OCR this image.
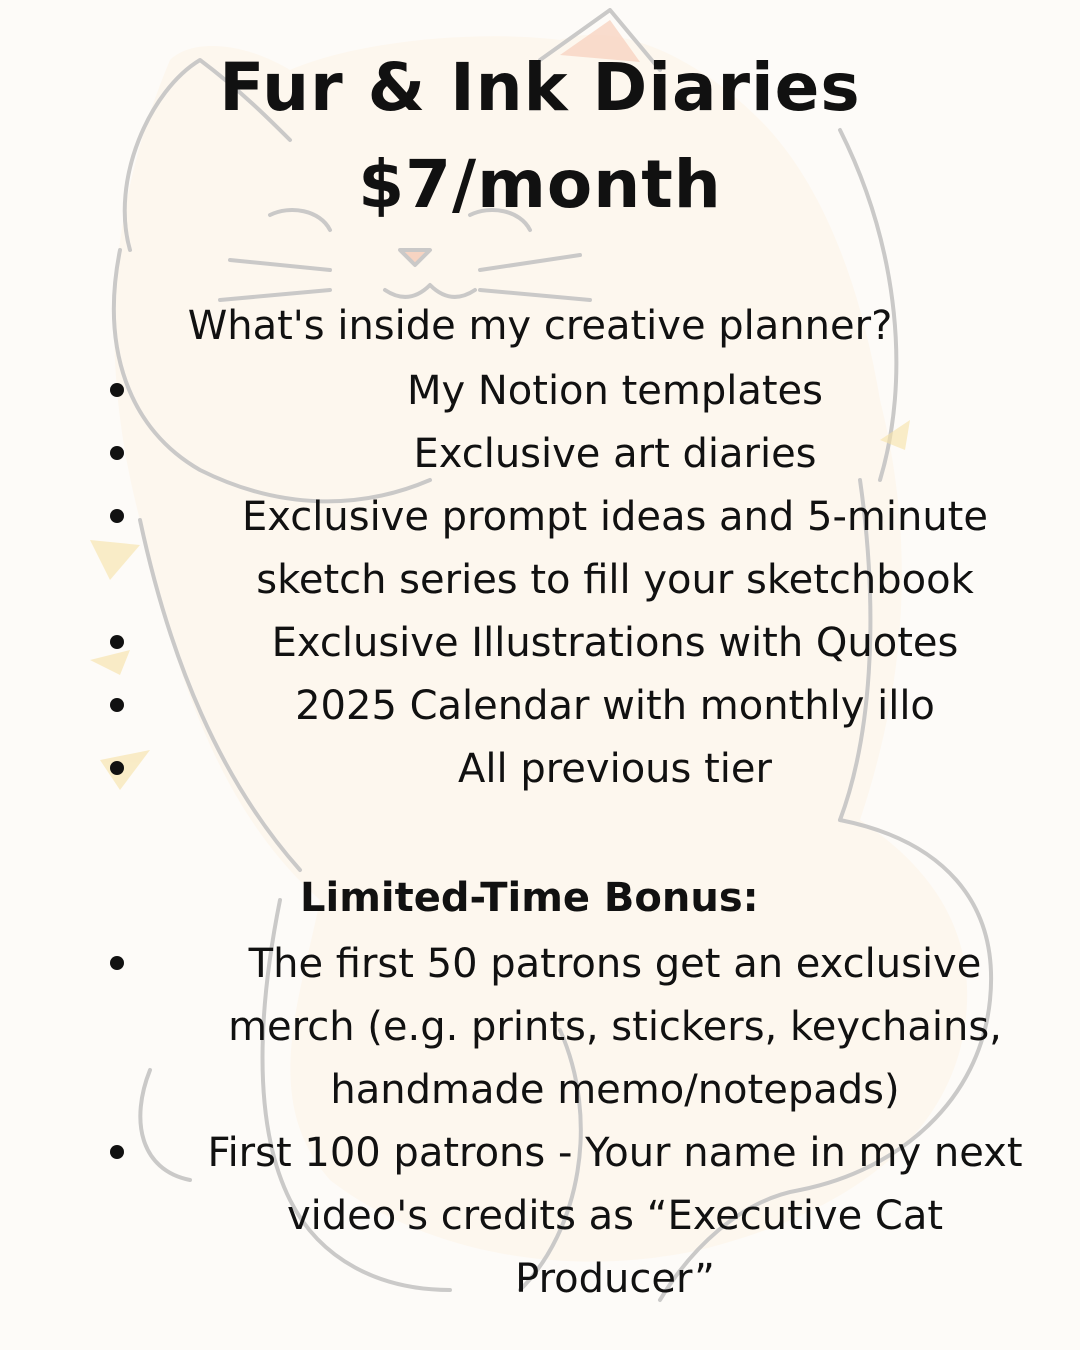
Fur & Ink Diaries
$7/month
What's inside my creative planner?
My Notion templates
Exclusive art diaries
Exclusive prompt ideas and 5-minute sketch series to fill your sketchbook
Exclusive Illustrations with Quotes
2025 Calendar with monthly illo
All previous tier
Limited-Time Bonus:
The first 50 patrons get an exclusive merch (e.g. prints, stickers, keychains, handmade memo/notepads)
First 100 patrons - Your name in my next video's credits as “Executive Cat Producer”
